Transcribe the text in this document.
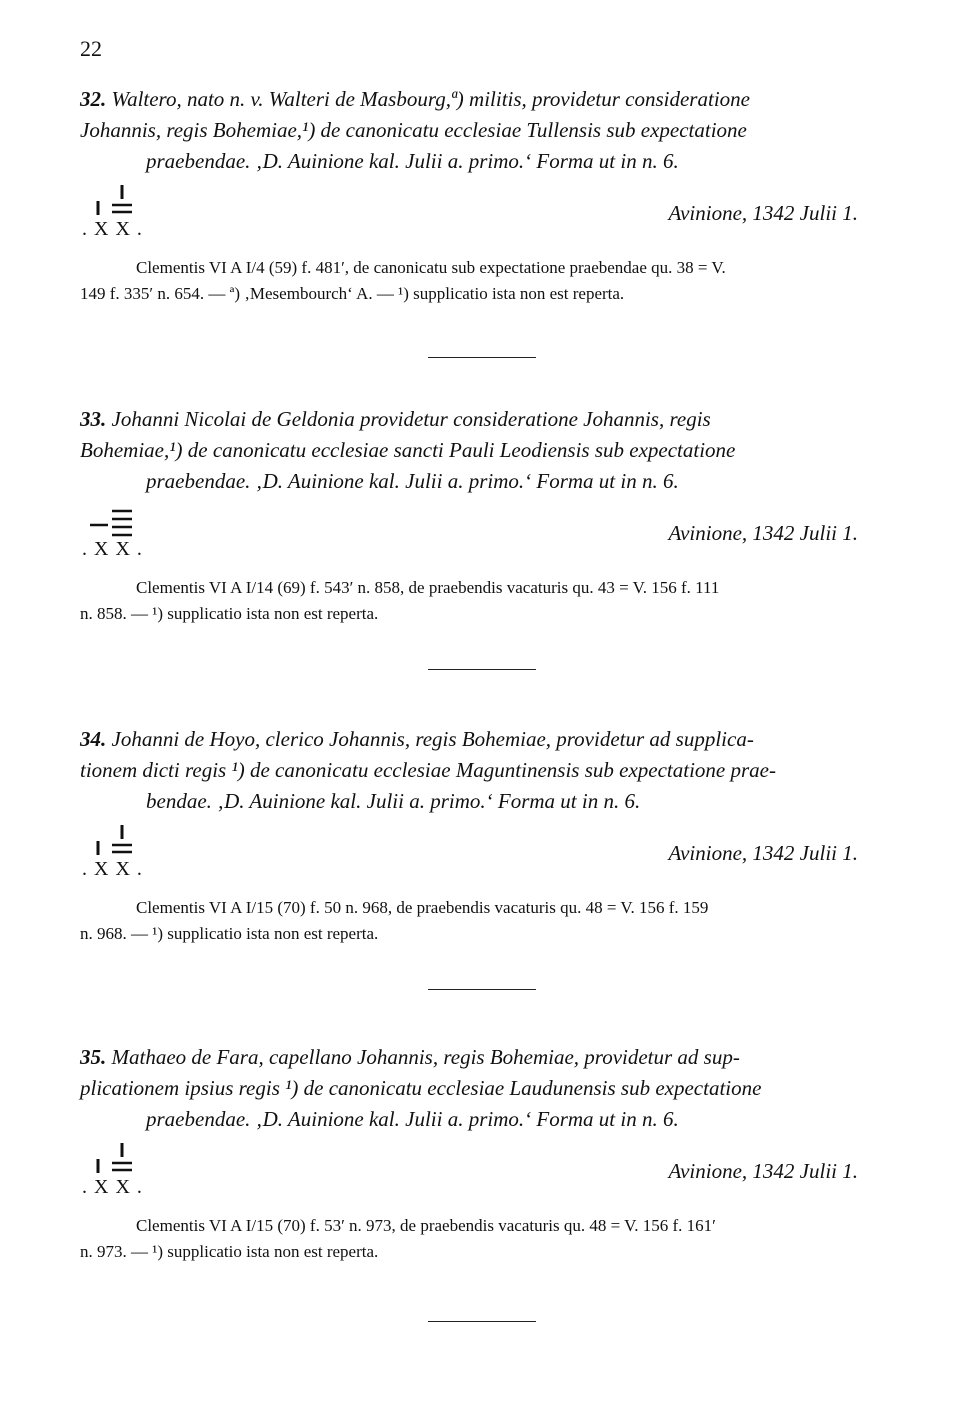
22

32. Waltero, nato n. v. Walteri de Masbourg,ª) militis, providetur consideratione
Johannis, regis Bohemiae,¹) de canonicatu ecclesiae Tullensis sub expectatione
praebendae. ‚D. Auinione kal. Julii a. primo.‘ Forma ut in n. 6.

. X X .
Avinione, 1342 Julii 1.

Clementis VI A I/4 (59) f. 481′, de canonicatu sub expectatione praebendae qu. 38 = V.
149 f. 335′ n. 654. — ª) ‚Mesembourch‘ A. — ¹) supplicatio ista non est reperta.

33. Johanni Nicolai de Geldonia providetur consideratione Johannis, regis
Bohemiae,¹) de canonicatu ecclesiae sancti Pauli Leodiensis sub expectatione
praebendae. ‚D. Auinione kal. Julii a. primo.‘ Forma ut in n. 6.

. X X .
Avinione, 1342 Julii 1.

Clementis VI A I/14 (69) f. 543′ n. 858, de praebendis vacaturis qu. 43 = V. 156 f. 111
n. 858. — ¹) supplicatio ista non est reperta.

34. Johanni de Hoyo, clerico Johannis, regis Bohemiae, providetur ad supplica-
tionem dicti regis ¹) de canonicatu ecclesiae Maguntinensis sub expectatione prae-
bendae. ‚D. Auinione kal. Julii a. primo.‘ Forma ut in n. 6.

. X X .
Avinione, 1342 Julii 1.

Clementis VI A I/15 (70) f. 50 n. 968, de praebendis vacaturis qu. 48 = V. 156 f. 159
n. 968. — ¹) supplicatio ista non est reperta.

35. Mathaeo de Fara, capellano Johannis, regis Bohemiae, providetur ad sup-
plicationem ipsius regis ¹) de canonicatu ecclesiae Laudunensis sub expectatione
praebendae. ‚D. Auinione kal. Julii a. primo.‘ Forma ut in n. 6.

. X X .
Avinione, 1342 Julii 1.

Clementis VI A I/15 (70) f. 53′ n. 973, de praebendis vacaturis qu. 48 = V. 156 f. 161′
n. 973. — ¹) supplicatio ista non est reperta.
